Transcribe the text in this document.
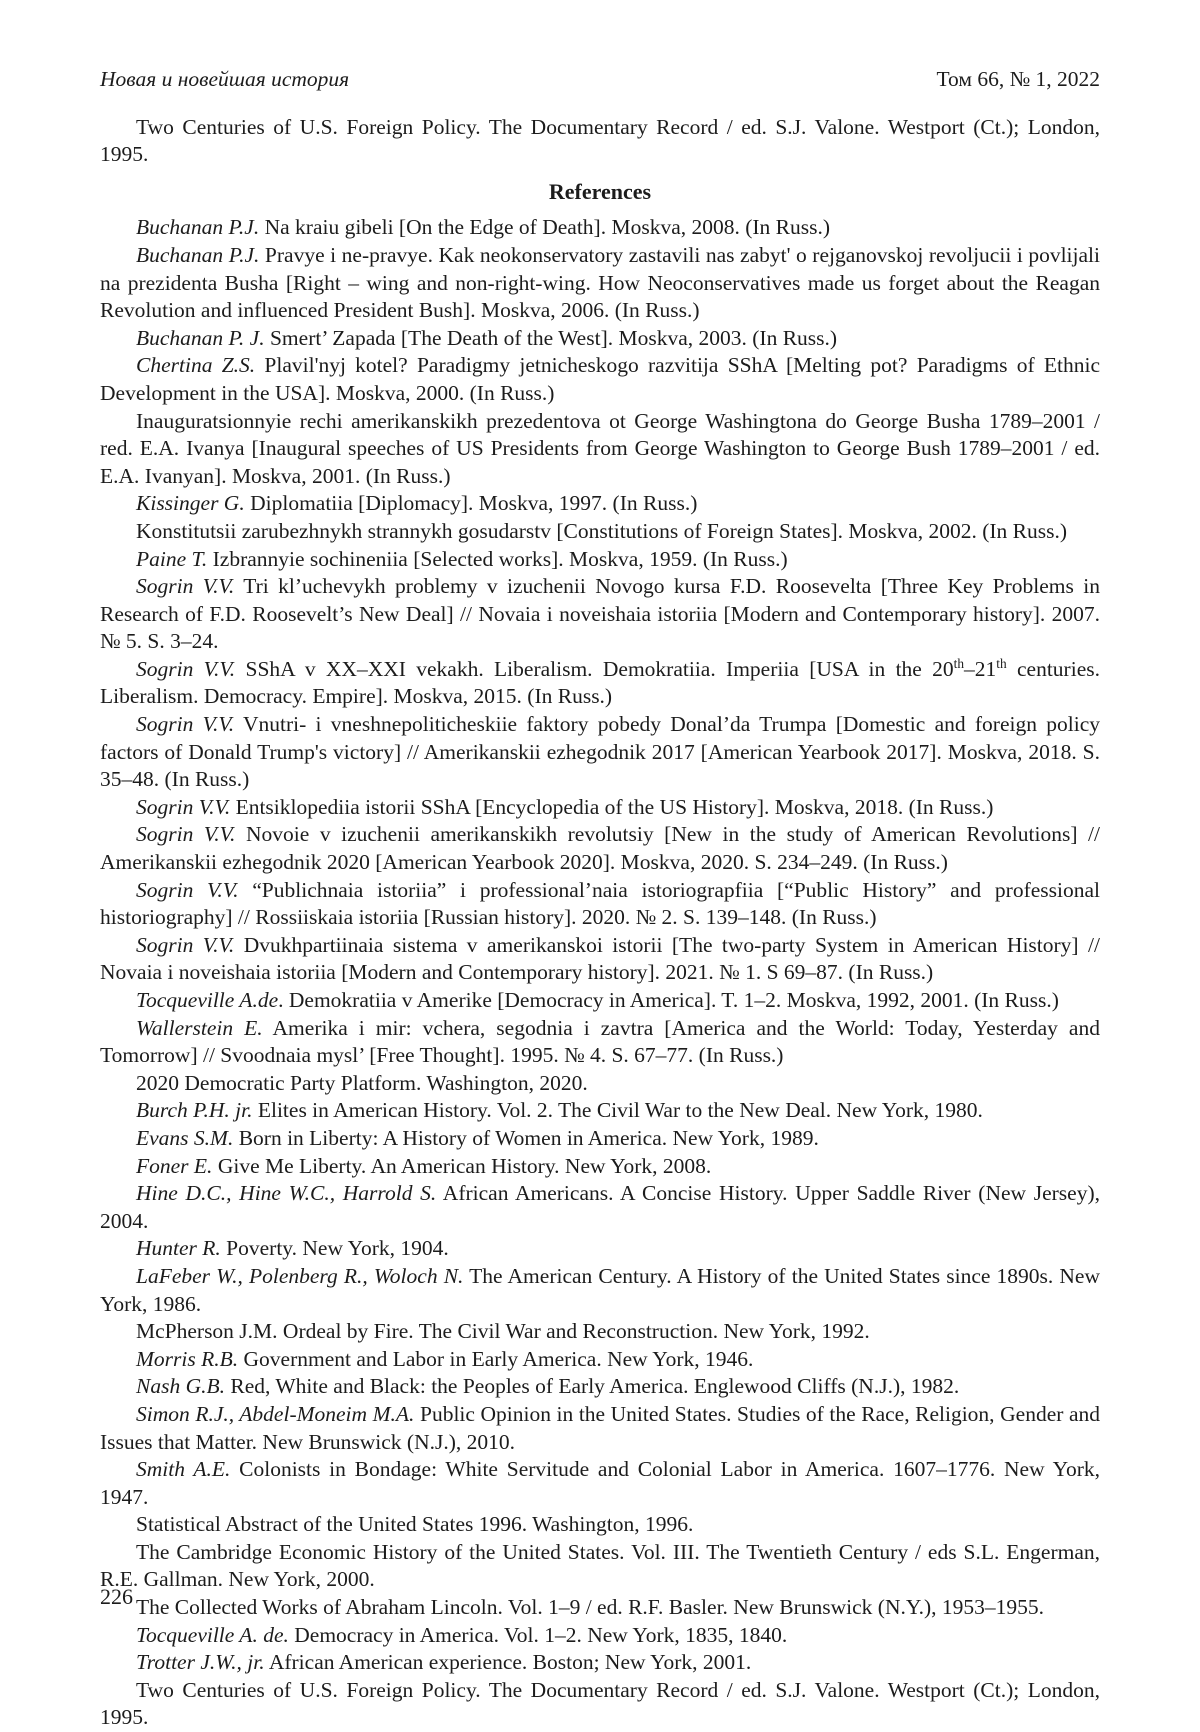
Новая и новейшая история	Том 66, № 1, 2022

Two Centuries of U.S. Foreign Policy. The Documentary Record / ed. S.J. Valone. Westport (Ct.); London, 1995.

References

Buchanan P.J. Na kraiu gibeli [On the Edge of Death]. Moskva, 2008. (In Russ.)

Buchanan P.J. Pravye i ne-pravye. Kak neokonservatory zastavili nas zabyt' o rejganovskoj revoljucii i povlijali na prezidenta Busha [Right – wing and non-right-wing. How Neoconservatives made us forget about the Reagan Revolution and influenced President Bush]. Moskva, 2006. (In Russ.)

Buchanan P. J. Smert’ Zapada [The Death of the West]. Moskva, 2003. (In Russ.)

Chertina Z.S. Plavil'nyj kotel? Paradigmy jetnicheskogo razvitija SShA [Melting pot? Paradigms of Ethnic Development in the USA]. Moskva, 2000. (In Russ.)

Inauguratsionnyie rechi amerikanskikh prezedentova ot George Washingtona do George Busha 1789–2001 / red. E.A. Ivanya [Inaugural speeches of US Presidents from George Washington to George Bush 1789–2001 / ed. E.A. Ivanyan]. Moskva, 2001. (In Russ.)

Kissinger G. Diplomatiia [Diplomacy]. Moskva, 1997. (In Russ.)

Konstitutsii zarubezhnykh strannykh gosudarstv [Constitutions of Foreign States]. Moskva, 2002. (In Russ.)

Paine T. Izbrannyie sochineniia [Selected works]. Moskva, 1959. (In Russ.)

Sogrin V.V. Tri kl’uchevykh problemy v izuchenii Novogo kursa F.D. Roosevelta [Three Key Problems in Research of F.D. Roosevelt’s New Deal] // Novaia i noveishaia istoriia [Modern and Contemporary history]. 2007. № 5. S. 3–24.

Sogrin V.V. SShA v XX–XXI vekakh. Liberalism. Demokratiia. Imperiia [USA in the 20th–21th centuries. Liberalism. Democracy. Empire]. Moskva, 2015. (In Russ.)

Sogrin V.V. Vnutri- i vneshnepoliticheskiie faktory pobedy Donal’da Trumpa [Domestic and foreign policy factors of Donald Trump's victory] // Amerikanskii ezhegodnik 2017 [American Yearbook 2017]. Moskva, 2018. S. 35–48. (In Russ.)

Sogrin V.V. Entsiklopediia istorii SShA [Encyclopedia of the US History]. Moskva, 2018. (In Russ.)

Sogrin V.V. Novoie v izuchenii amerikanskikh revolutsiy [New in the study of American Revolutions] // Amerikanskii ezhegodnik 2020 [American Yearbook 2020]. Moskva, 2020. S. 234–249. (In Russ.)

Sogrin V.V. “Publichnaia istoriia” i professional’naia istoriograpfiia [“Public History” and professional historiography] // Rossiiskaia istoriia [Russian history]. 2020. № 2. S. 139–148. (In Russ.)

Sogrin V.V. Dvukhpartiinaia sistema v amerikanskoi istorii [The two-party System in American History] // Novaia i noveishaia istoriia [Modern and Contemporary history]. 2021. № 1. S 69–87. (In Russ.)

Tocqueville A.de. Demokratiia v Amerike [Democracy in America]. T. 1–2. Moskva, 1992, 2001. (In Russ.)

Wallerstein E. Amerika i mir: vchera, segodnia i zavtra [America and the World: Today, Yesterday and Tomorrow] // Svoodnaia mysl’ [Free Thought]. 1995. № 4. S. 67–77. (In Russ.)

2020 Democratic Party Platform. Washington, 2020.

Burch P.H. jr. Elites in American History. Vol. 2. The Civil War to the New Deal. New York, 1980.

Evans S.M. Born in Liberty: A History of Women in America. New York, 1989.

Foner E. Give Me Liberty. An American History. New York, 2008.

Hine D.C., Hine W.C., Harrold S. African Americans. A Concise History. Upper Saddle River (New Jersey), 2004.

Hunter R. Poverty. New York, 1904.

LaFeber W., Polenberg R., Woloch N. The American Century. A History of the United States since 1890s. New York, 1986.

McPherson J.M. Ordeal by Fire. The Civil War and Reconstruction. New York, 1992.

Morris R.B. Government and Labor in Early America. New York, 1946.

Nash G.B. Red, White and Black: the Peoples of Early America. Englewood Cliffs (N.J.), 1982.

Simon R.J., Abdel-Moneim M.A. Public Opinion in the United States. Studies of the Race, Religion, Gender and Issues that Matter. New Brunswick (N.J.), 2010.

Smith A.E. Colonists in Bondage: White Servitude and Colonial Labor in America. 1607–1776. New York, 1947.

Statistical Abstract of the United States 1996. Washington, 1996.

The Cambridge Economic History of the United States. Vol. III. The Twentieth Century / eds S.L. Engerman, R.E. Gallman. New York, 2000.

The Collected Works of Abraham Lincoln. Vol. 1–9 / ed. R.F. Basler. New Brunswick (N.Y.), 1953–1955.

Tocqueville A. de. Democracy in America. Vol. 1–2. New York, 1835, 1840.

Trotter J.W., jr. African American experience. Boston; New York, 2001.

Two Centuries of U.S. Foreign Policy. The Documentary Record / ed. S.J. Valone. Westport (Ct.); London, 1995.

226
